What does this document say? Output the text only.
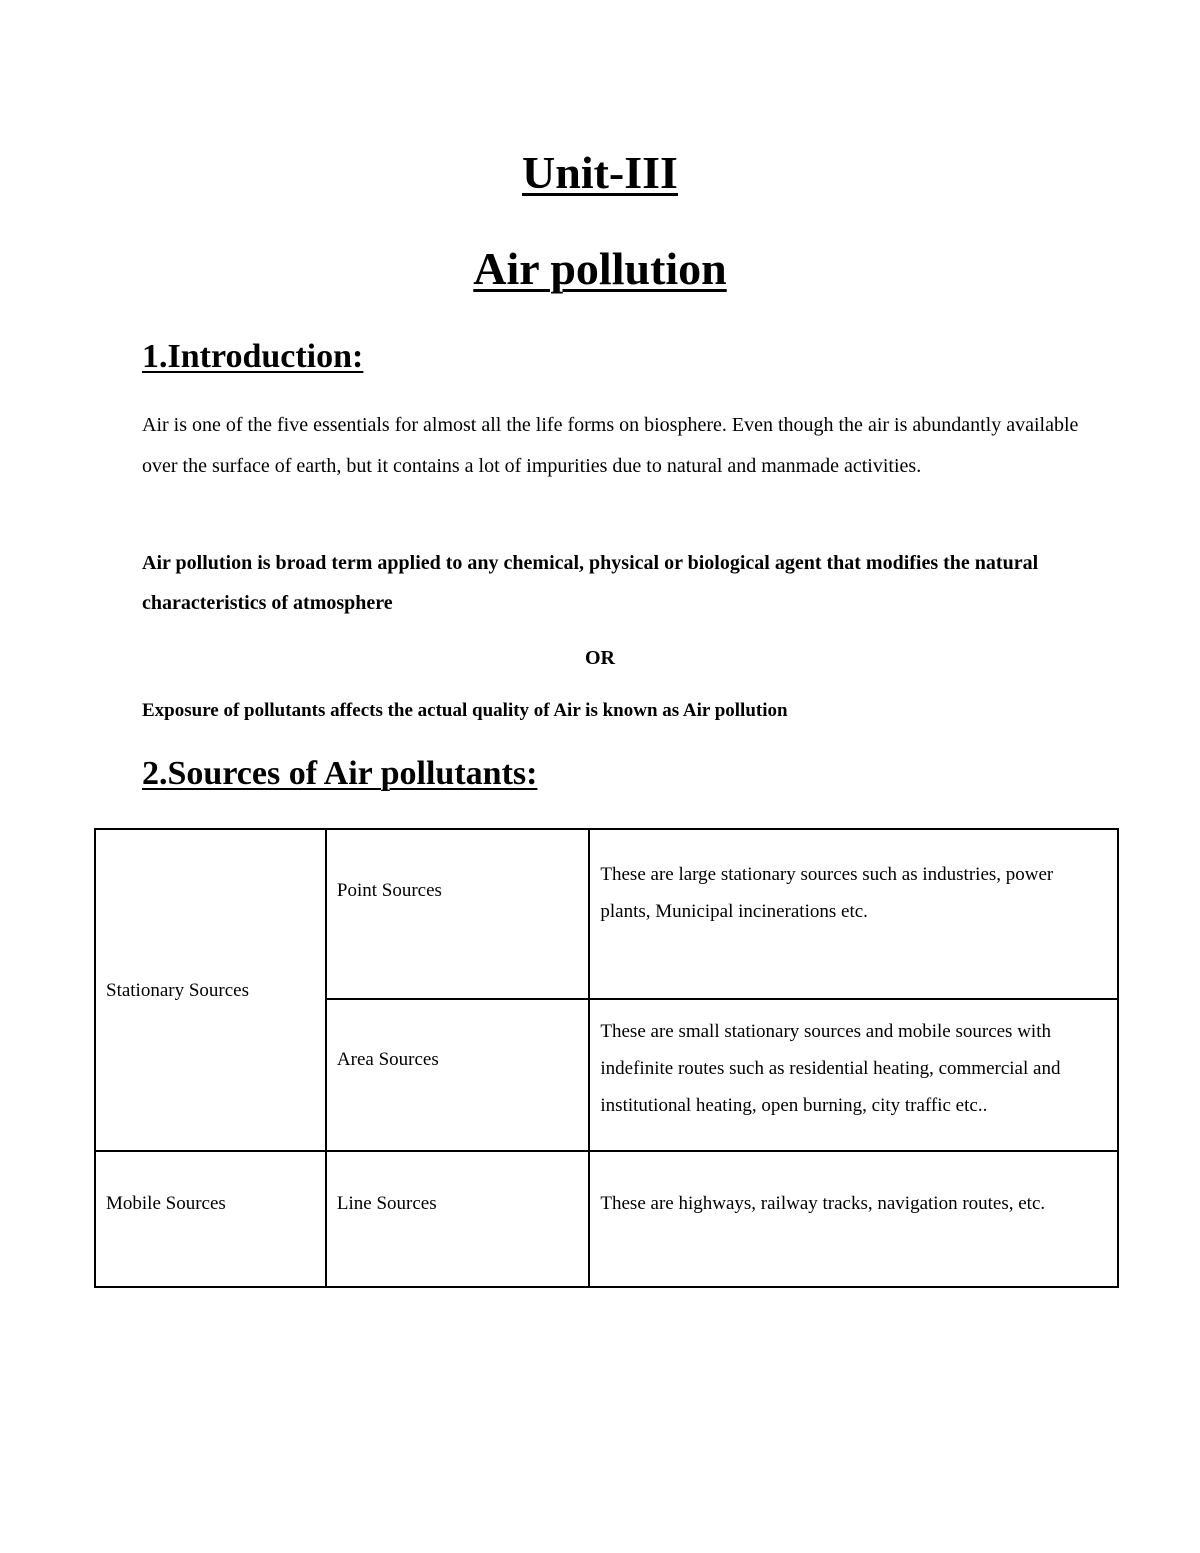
Unit-III
Air pollution
1.Introduction:

Air is one of the five essentials for almost all the life forms on biosphere. Even though the air is abundantly available over the surface of earth, but it contains a lot of impurities due to natural and manmade activities.

Air pollution is broad term applied to any chemical, physical or biological agent that modifies the natural characteristics of atmosphere

OR

Exposure of pollutants affects the actual quality of Air is known as Air pollution

2.Sources of Air pollutants:
Stationary Sources	Point Sources	These are large stationary sources such as industries, power plants, Municipal incinerations etc.

	Area Sources	These are small stationary sources and mobile sources with indefinite routes such as residential heating, commercial and institutional heating, open burning, city traffic etc..

Mobile Sources	Line Sources	These are highways, railway tracks, navigation routes, etc.
